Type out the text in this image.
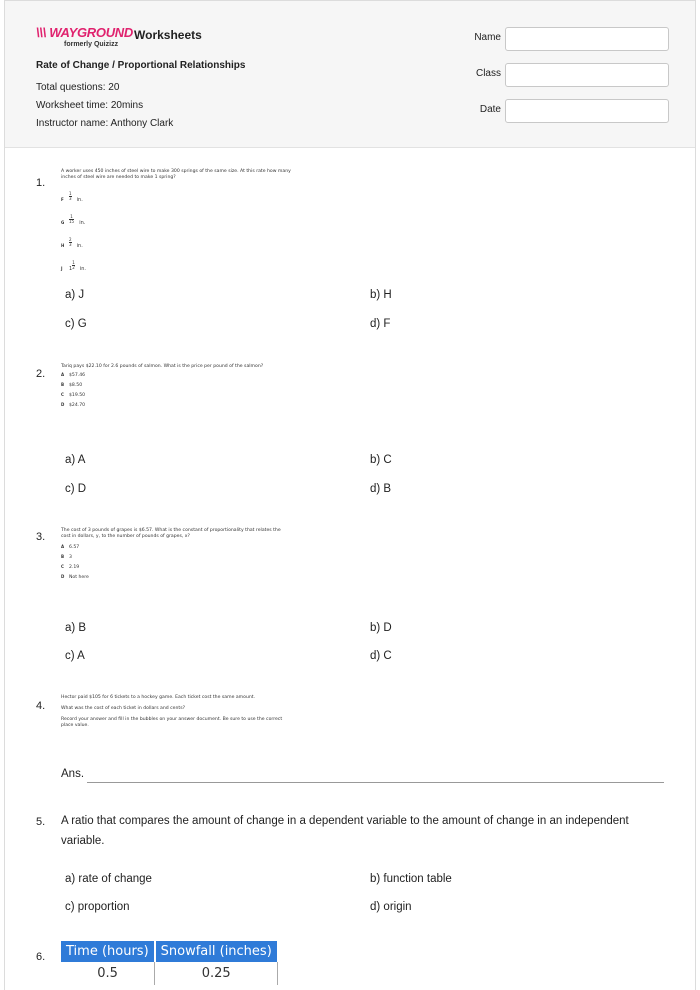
\\\ WAYGROUND
formerly Quizizz
Worksheets
Rate of Change / Proportional Relationships
Total questions: 20
Worksheet time: 20mins
Instructor name: Anthony Clark
Name
Class
Date
1.
A worker uses 450 inches of steel wire to make 300 springs of the same size. At this rate how many inches of steel wire are needed to make 1 spring?
F $\frac{1}{3}$ in.
G $\frac{1}{15}$ in.
H $\frac{2}{3}$ in.
J $1 \frac{1}{2}$ in.
a) J	b) H
c) G	d) F
2.
Tariq pays $22.10 for 2.6 pounds of salmon. What is the price per pound of the salmon?
A $57.46
B $8.50
C $19.50
D $24.70
a) A	b) C
c) D	d) B
3.
The cost of 3 pounds of grapes is $6.57. What is the constant of proportionality that relates the cost in dollars, y, to the number of pounds of grapes, x?
A 6.57
B 3
C 2.19
D Not here
a) B	b) D
c) A	d) C
4.
Hector paid $105 for 6 tickets to a hockey game. Each ticket cost the same amount.
What was the cost of each ticket in dollars and cents?
Record your answer and fill in the bubbles on your answer document. Be sure to use the correct place value.
Ans.
5. A ratio that compares the amount of change in a dependent variable to the amount of change in an independent variable.
a) rate of change	b) function table
c) proportion	d) origin
6. Time (hours)	Snowfall (inches)
0.5	0.25
